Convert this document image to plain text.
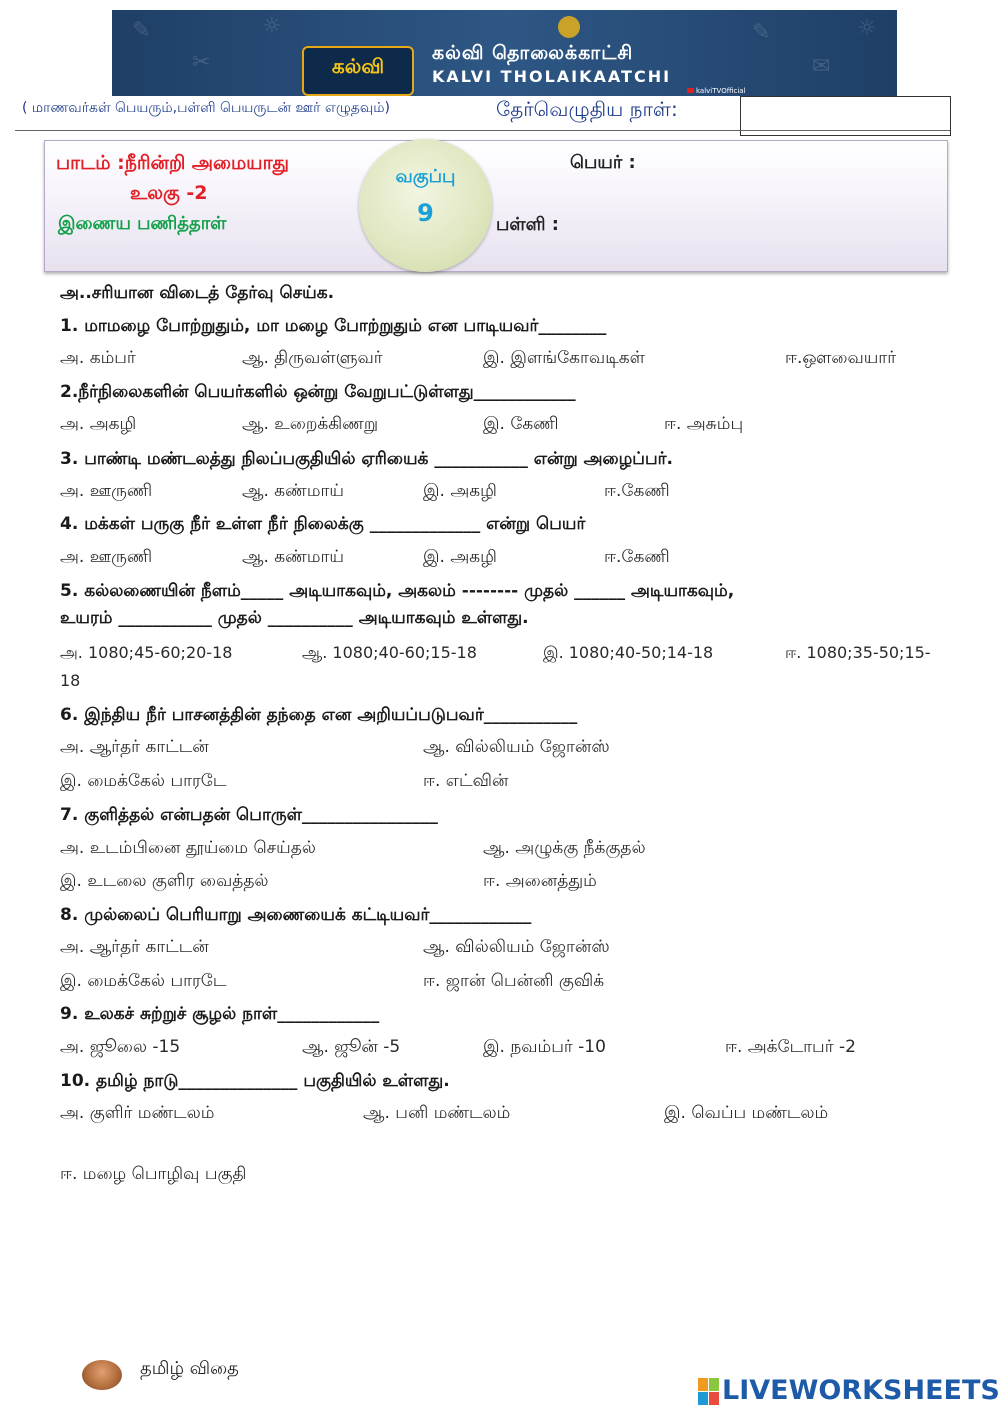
✎
✂
☼	✎
✉
☼
கல்வி
கல்வி தொலைக்காட்சி
KALVI THOLAIKAATCHI
kalviTVOfficial
( மாணவர்கள் பெயரும்,பள்ளி பெயருடன் ஊர் எழுதவும்)	தேர்வெழுதிய நாள்:
பாடம் :நீரின்றி அமையாது
உலகு -2
இணைய பணித்தாள்
வகுப்பு
9
பெயர் :
பள்ளி :
அ..சரியான விடைத் தேர்வு செய்க.
1. மாமழை போற்றுதும், மா மழை போற்றுதும் என பாடியவர்________
அ. கம்பர்	ஆ. திருவள்ளுவர்	இ. இளங்கோவடிகள்	ஈ.ஔவையார்
2.நீர்நிலைகளின் பெயர்களில் ஒன்று வேறுபட்டுள்ளது____________
அ. அகழி	ஆ. உறைக்கிணறு	இ. கேணி	ஈ. அசும்பு
3. பாண்டி மண்டலத்து நிலப்பகுதியில் ஏரியைக் ___________ என்று அழைப்பர்.
அ. ஊருணி	ஆ. கண்மாய்	இ. அகழி	ஈ.கேணி
4. மக்கள் பருகு நீர் உள்ள நீர் நிலைக்கு _____________ என்று பெயர்
அ. ஊருணி	ஆ. கண்மாய்	இ. அகழி	ஈ.கேணி
5. கல்லணையின் நீளம்_____ அடியாகவும், அகலம் -------- முதல் ______ அடியாகவும்,
உயரம் ___________ முதல் __________ அடியாகவும் உள்ளது.
அ. 1080;45-60;20-18	ஆ. 1080;40-60;15-18	இ. 1080;40-50;14-18	ஈ. 1080;35-50;15-
18
6. இந்திய நீர் பாசனத்தின் தந்தை என அறியப்படுபவர்___________
அ. ஆர்தர் காட்டன்	ஆ. வில்லியம் ஜோன்ஸ்
இ. மைக்கேல் பாரடே	ஈ. எட்வின்
7. குளித்தல் என்பதன் பொருள்________________
அ. உடம்பினை தூய்மை செய்தல்	ஆ. அழுக்கு நீக்குதல்
இ. உடலை குளிர வைத்தல்	ஈ. அனைத்தும்
8. முல்லைப் பெரியாறு அணையைக் கட்டியவர்____________
அ. ஆர்தர் காட்டன்	ஆ. வில்லியம் ஜோன்ஸ்
இ. மைக்கேல் பாரடே	ஈ. ஜான் பென்னி குவிக்
9. உலகச் சுற்றுச் சூழல் நாள்____________
அ. ஜூலை -15	ஆ. ஜூன் -5	இ. நவம்பர் -10	ஈ. அக்டோபர் -2
10. தமிழ் நாடு______________ பகுதியில் உள்ளது.
அ. குளிர் மண்டலம்	ஆ. பனி மண்டலம்	இ. வெப்ப மண்டலம்
ஈ. மழை பொழிவு பகுதி
தமிழ் விதை
LIVEWORKSHEETS
